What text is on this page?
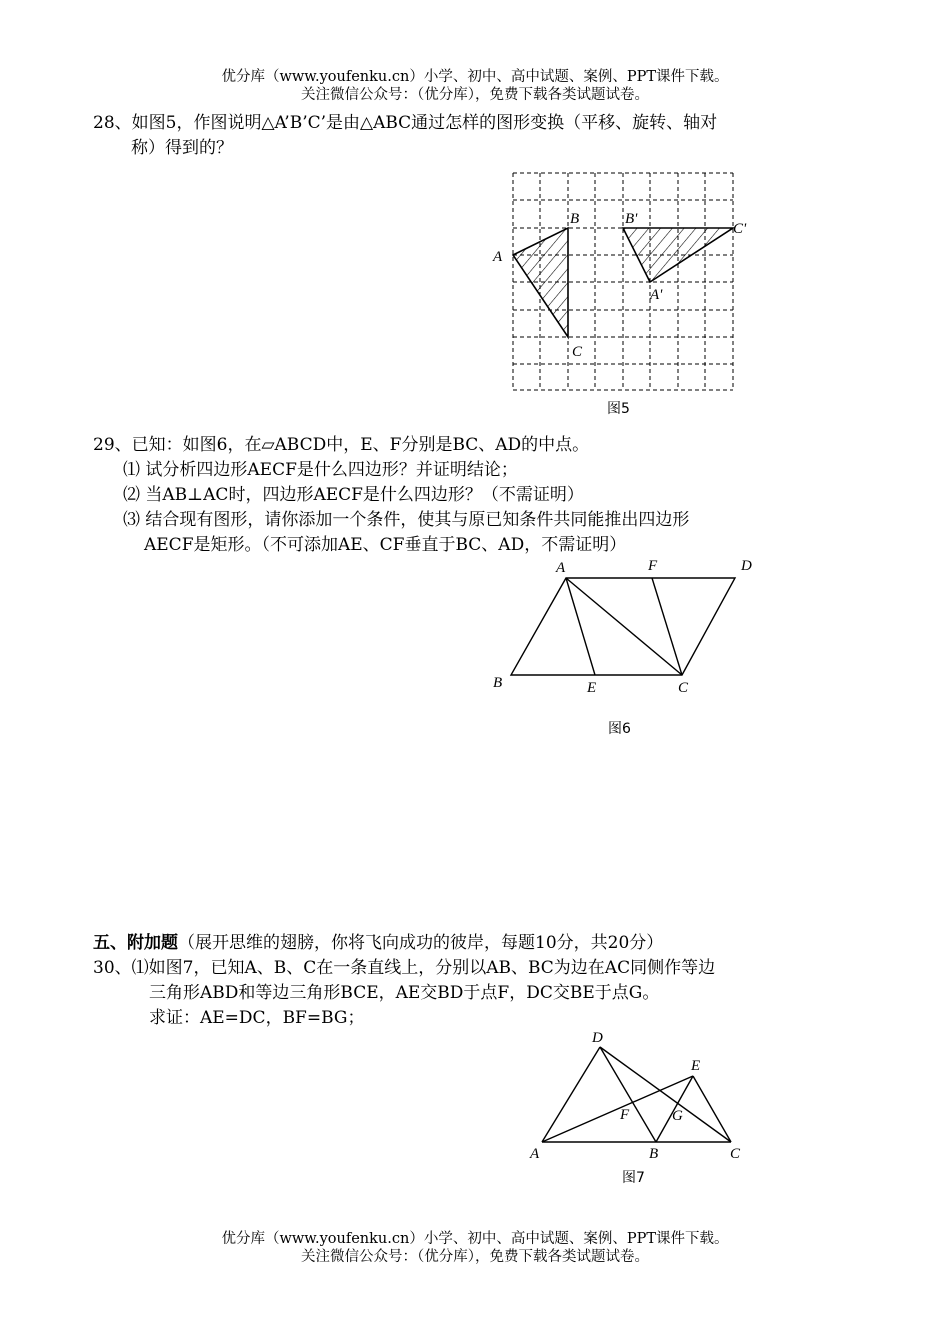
优分库（www.youfenku.cn）小学、初中、高中试题、案例、PPT课件下载。
关注微信公众号：（优分库），免费下载各类试题试卷。
28、如图5，作图说明△A’B’C’是由△ABC通过怎样的图形变换（平移、旋转、轴对
称）得到的？
A
B
C
B'
C'
A'
图5
29、已知：如图6，在▱ABCD中，E、F分别是BC、AD的中点。
⑴ 试分析四边形AECF是什么四边形？并证明结论；
⑵ 当AB⊥AC时，四边形AECF是什么四边形？（不需证明）
⑶ 结合现有图形，请你添加一个条件，使其与原已知条件共同能推出四边形
AECF是矩形。（不可添加AE、CF垂直于BC、AD，不需证明）
A	F	D
B	E	C
图6
五、附加题（展开思维的翅膀，你将飞向成功的彼岸，每题10分，共20分）
30、⑴如图7，已知A、B、C在一条直线上，分别以AB、BC为边在AC同侧作等边
三角形ABD和等边三角形BCE，AE交BD于点F，DC交BE于点G。
求证：AE=DC，BF=BG；
D
E
F	G
A	B	C
图7
优分库（www.youfenku.cn）小学、初中、高中试题、案例、PPT课件下载。
关注微信公众号：（优分库），免费下载各类试题试卷。
